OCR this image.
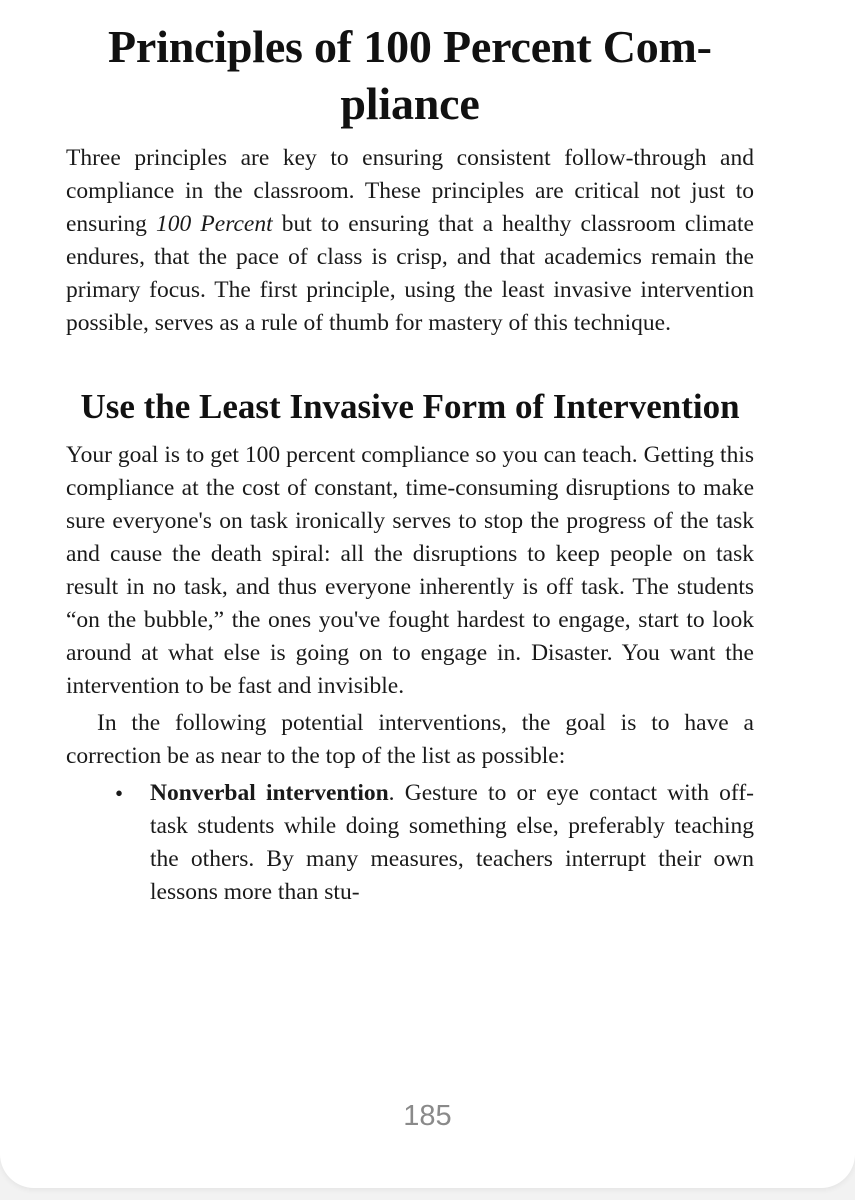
Principles of 100 Percent Compliance

Three principles are key to ensuring consistent follow-through and compliance in the classroom. These principles are critical not just to ensuring 100 Percent but to ensuring that a healthy classroom climate endures, that the pace of class is crisp, and that academics remain the primary focus. The first principle, using the least invasive intervention possible, serves as a rule of thumb for mastery of this technique.

Use the Least Invasive Form of Intervention

Your goal is to get 100 percent compliance so you can teach. Getting this compliance at the cost of constant, time-consuming disruptions to make sure everyone's on task ironically serves to stop the progress of the task and cause the death spiral: all the disruptions to keep people on task result in no task, and thus everyone inherently is off task. The students “on the bubble,” the ones you've fought hardest to engage, start to look around at what else is going on to engage in. Disaster. You want the intervention to be fast and invisible.

In the following potential interventions, the goal is to have a correction be as near to the top of the list as possible:

• Nonverbal intervention. Gesture to or eye contact with off-task students while doing something else, preferably teaching the others. By many measures, teachers interrupt their own lessons more than stu-
185
